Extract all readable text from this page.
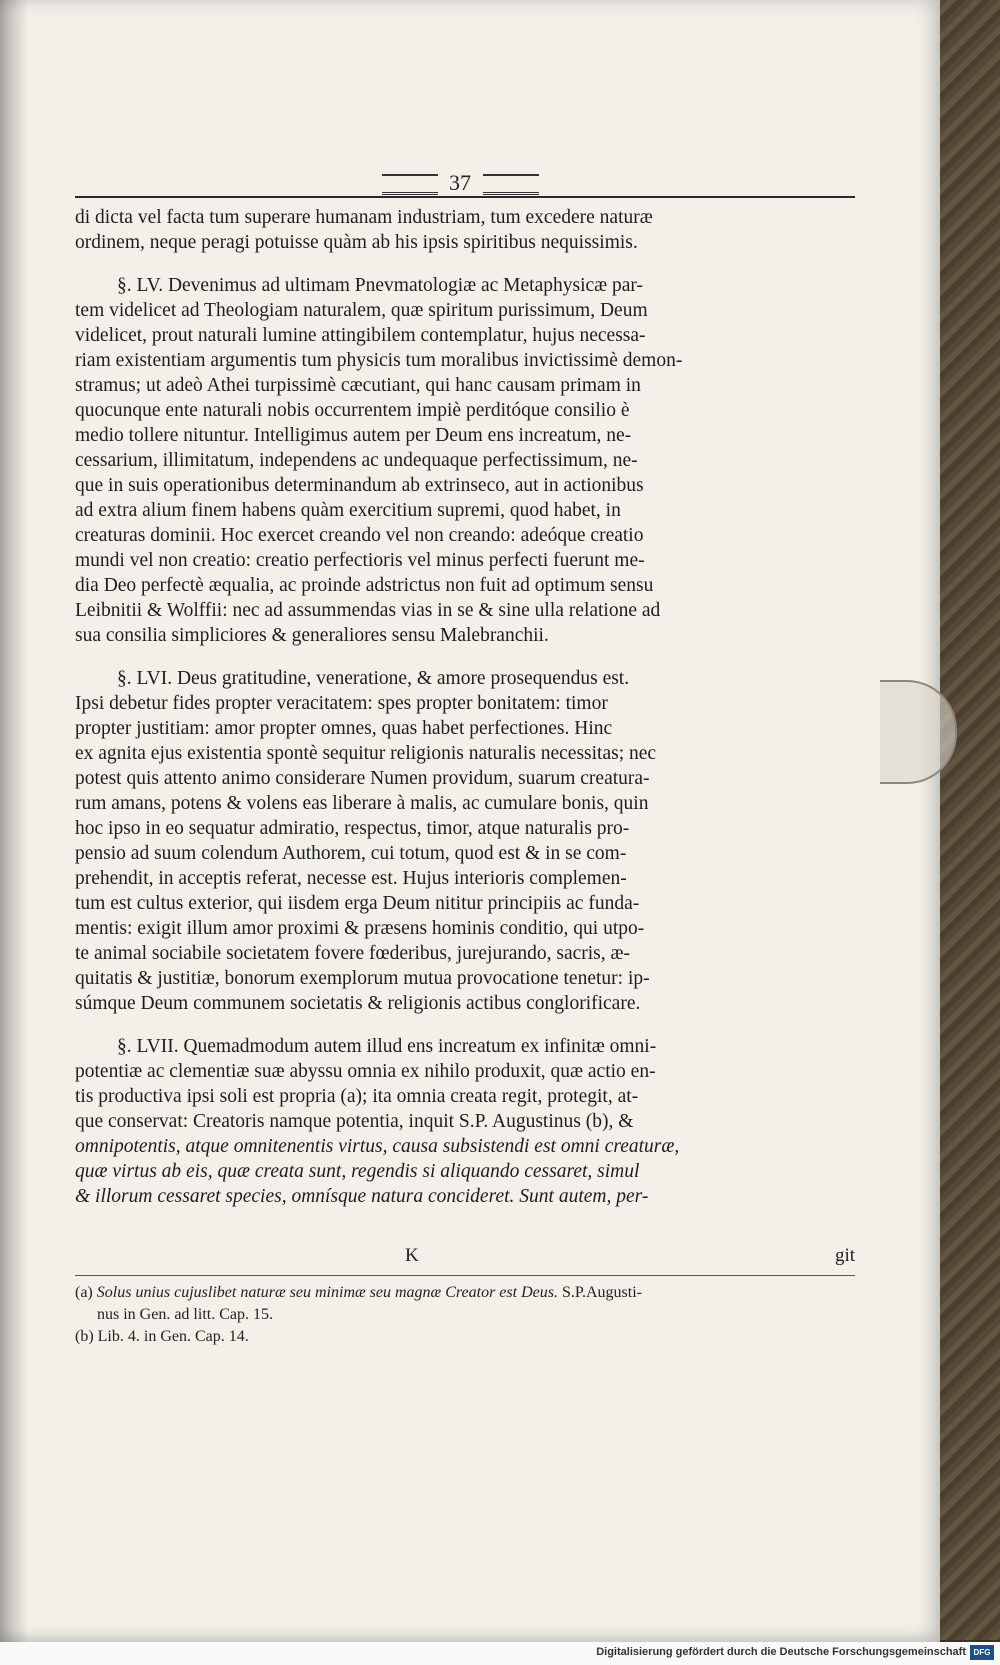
37

di dicta vel facta tum superare humanam industriam, tum excedere naturæ

ordinem, neque peragi potuisse quàm ab his ipsis spiritibus nequissimis.

§. LV. Devenimus ad ultimam Pnevmatologiæ ac Metaphysicæ par-

tem videlicet ad Theologiam naturalem, quæ spiritum purissimum, Deum

videlicet, prout naturali lumine attingibilem contemplatur, hujus necessa-

riam existentiam argumentis tum physicis tum moralibus invictissimè demon-

stramus; ut adeò Athei turpissimè cæcutiant, qui hanc causam primam in

quocunque ente naturali nobis occurrentem impiè perditóque consilio è

medio tollere nituntur. Intelligimus autem per Deum ens increatum, ne-

cessarium, illimitatum, independens ac undequaque perfectissimum, ne-

que in suis operationibus determinandum ab extrinseco, aut in actionibus

ad extra alium finem habens quàm exercitium supremi, quod habet, in

creaturas dominii. Hoc exercet creando vel non creando: adeóque creatio

mundi vel non creatio: creatio perfectioris vel minus perfecti fuerunt me-

dia Deo perfectè æqualia, ac proinde adstrictus non fuit ad optimum sensu

Leibnitii & Wolffii: nec ad assummendas vias in se & sine ulla relatione ad

sua consilia simpliciores & generaliores sensu Malebranchii.

§. LVI. Deus gratitudine, veneratione, & amore prosequendus est.

Ipsi debetur fides propter veracitatem: spes propter bonitatem: timor

propter justitiam: amor propter omnes, quas habet perfectiones. Hinc

ex agnita ejus existentia spontè sequitur religionis naturalis necessitas; nec

potest quis attento animo considerare Numen providum, suarum creatura-

rum amans, potens & volens eas liberare à malis, ac cumulare bonis, quin

hoc ipso in eo sequatur admiratio, respectus, timor, atque naturalis pro-

pensio ad suum colendum Authorem, cui totum, quod est & in se com-

prehendit, in acceptis referat, necesse est. Hujus interioris complemen-

tum est cultus exterior, qui iisdem erga Deum nititur principiis ac funda-

mentis: exigit illum amor proximi & præsens hominis conditio, qui utpo-

te animal sociabile societatem fovere fœderibus, jurejurando, sacris, æ-

quitatis & justitiæ, bonorum exemplorum mutua provocatione tenetur: ip-

súmque Deum communem societatis & religionis actibus conglorificare.

§. LVII. Quemadmodum autem illud ens increatum ex infinitæ omni-

potentiæ ac clementiæ suæ abyssu omnia ex nihilo produxit, quæ actio en-

tis productiva ipsi soli est propria (a); ita omnia creata regit, protegit, at-

que conservat: Creatoris namque potentia, inquit S.P. Augustinus (b), &

omnipotentis, atque omnitenentis virtus, causa subsistendi est omni creaturæ,

quæ virtus ab eis, quæ creata sunt, regendis si aliquando cessaret, simul

& illorum cessaret species, omnísque natura concideret. Sunt autem, per-

K	git

(a) Solus unius cujuslibet naturæ seu minimæ seu magnæ Creator est Deus. S.P.Augusti-

nus in Gen. ad litt. Cap. 15.

(b) Lib. 4. in Gen. Cap. 14.

Digitalisierung gefördert durch die Deutsche Forschungsgemeinschaft DFG
